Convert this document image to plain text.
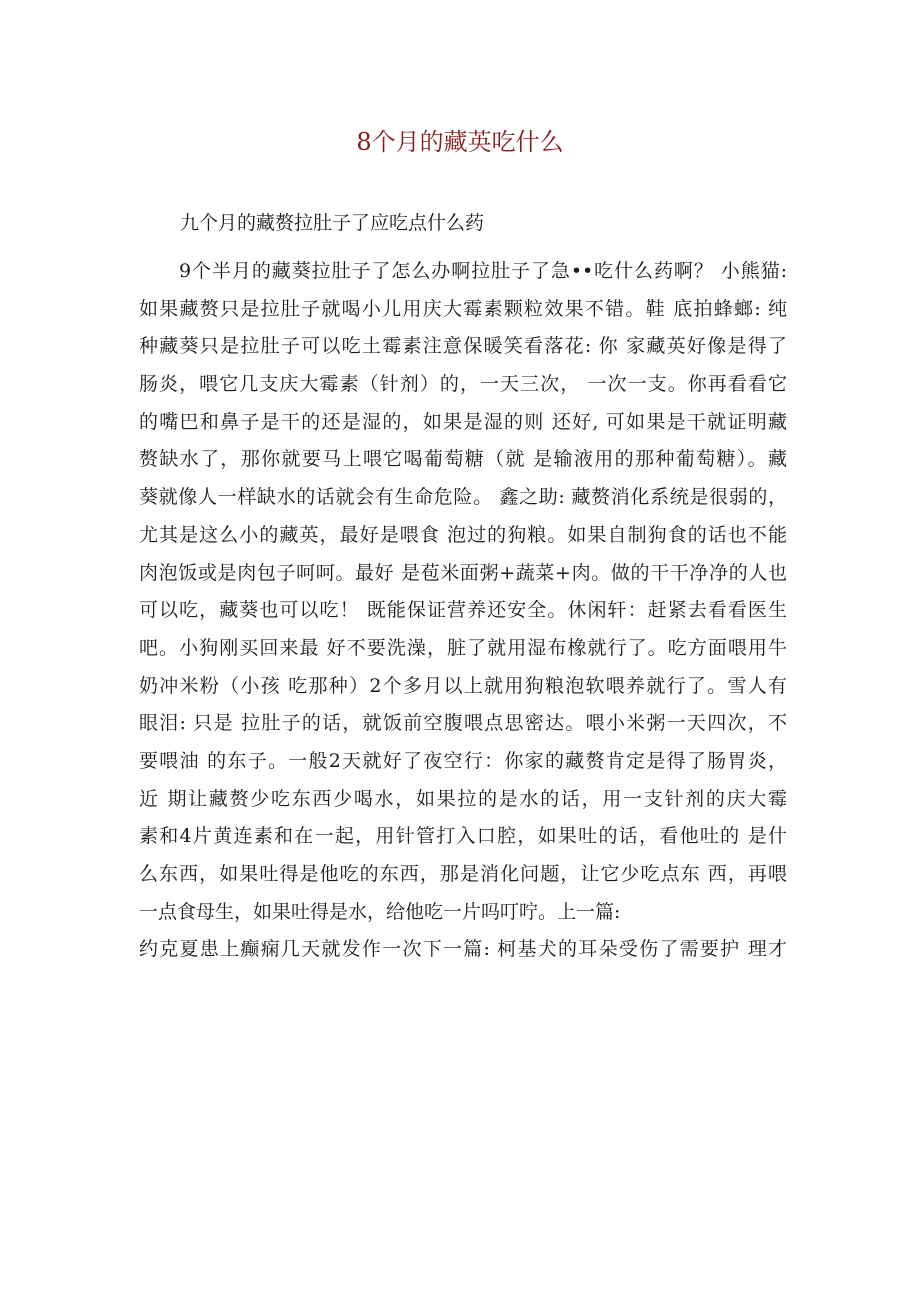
8个月的藏英吃什么

九个月的藏赘拉肚子了应吃点什么药

9个半月的藏葵拉肚子了怎么办啊拉肚子了急••吃什么药啊？ 小熊猫:
如果藏赘只是拉肚子就喝小儿用庆大霉素颗粒效果不错。鞋 底拍蜂螂: 纯
种藏葵只是拉肚子可以吃土霉素注意保暖笑看落花: 你 家藏英好像是得了
肠炎，喂它几支庆大霉素（针剂）的，一天三次， 一次一支。你再看看它
的嘴巴和鼻子是干的还是湿的，如果是湿的则 还好, 可如果是干就证明藏
赘缺水了，那你就要马上喂它喝葡萄糖（就 是输液用的那种葡萄糖）。藏
葵就像人一样缺水的话就会有生命危险。 鑫之助: 藏赘消化系统是很弱的，
尤其是这么小的藏英，最好是喂食 泡过的狗粮。如果自制狗食的话也不能
肉泡饭或是肉包子呵呵。最好 是苞米面粥+蔬菜+肉。做的干干净净的人也
可以吃，藏葵也可以吃！ 既能保证营养还安全。休闲轩：赶紧去看看医生
吧。小狗刚买回来最 好不要洗澡，脏了就用湿布橡就行了。吃方面喂用牛
奶冲米粉（小孩 吃那种）2个多月以上就用狗粮泡软喂养就行了。雪人有
眼泪: 只是 拉肚子的话，就饭前空腹喂点思密达。喂小米粥一天四次，不
要喂油 的东子。一般2天就好了夜空行：你家的藏赘肯定是得了肠胃炎，
近 期让藏赘少吃东西少喝水，如果拉的是水的话，用一支针剂的庆大霉
素和4片黄连素和在一起，用针管打入口腔，如果吐的话，看他吐的 是什
么东西，如果吐得是他吃的东西，那是消化问题，让它少吃点东 西，再喂
一点食母生，如果吐得是水，给他吃一片吗叮咛。上一篇:
约克夏患上癫痫几天就发作一次下一篇: 柯基犬的耳朵受伤了需要护 理才
